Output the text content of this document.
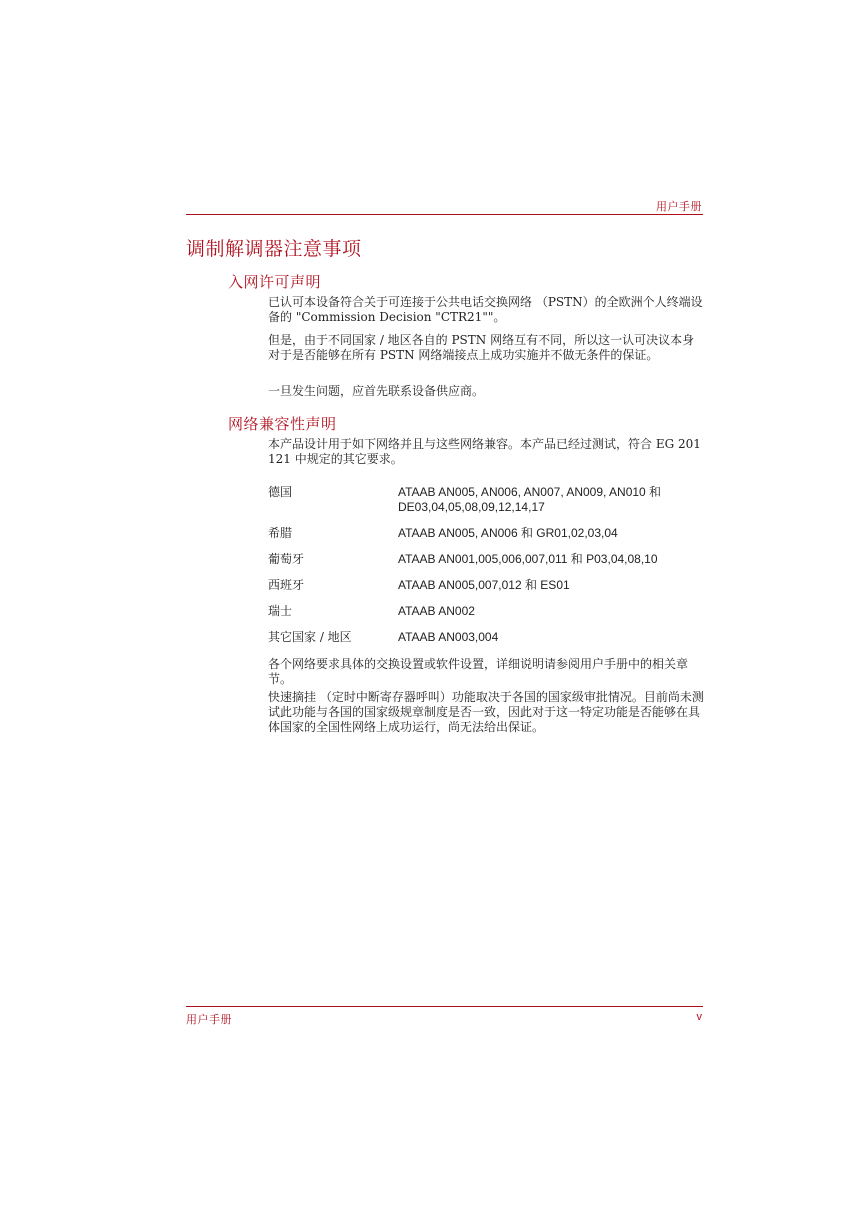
用户手册
调制解调器注意事项
入网许可声明

已认可本设备符合关于可连接于公共电话交换网络 （PSTN）的全欧洲个人终端设备的 "Commission Decision "CTR21""。

但是，由于不同国家 / 地区各自的 PSTN 网络互有不同，所以这一认可决议本身对于是否能够在所有 PSTN 网络端接点上成功实施并不做无条件的保证。

一旦发生问题，应首先联系设备供应商。

网络兼容性声明

本产品设计用于如下网络并且与这些网络兼容。本产品已经过测试，符合 EG 201 121 中规定的其它要求。

德国	ATAAB AN005, AN006, AN007, AN009, AN010 和 DE03,04,05,08,09,12,14,17
希腊	ATAAB AN005, AN006 和 GR01,02,03,04
葡萄牙	ATAAB AN001,005,006,007,011 和 P03,04,08,10
西班牙	ATAAB AN005,007,012 和 ES01
瑞士	ATAAB AN002
其它国家 / 地区	ATAAB AN003,004

各个网络要求具体的交换设置或软件设置，详细说明请参阅用户手册中的相关章节。

快速摘挂 （定时中断寄存器呼叫）功能取决于各国的国家级审批情况。目前尚未测试此功能与各国的国家级规章制度是否一致，因此对于这一特定功能是否能够在具体国家的全国性网络上成功运行，尚无法给出保证。

用户手册	v
